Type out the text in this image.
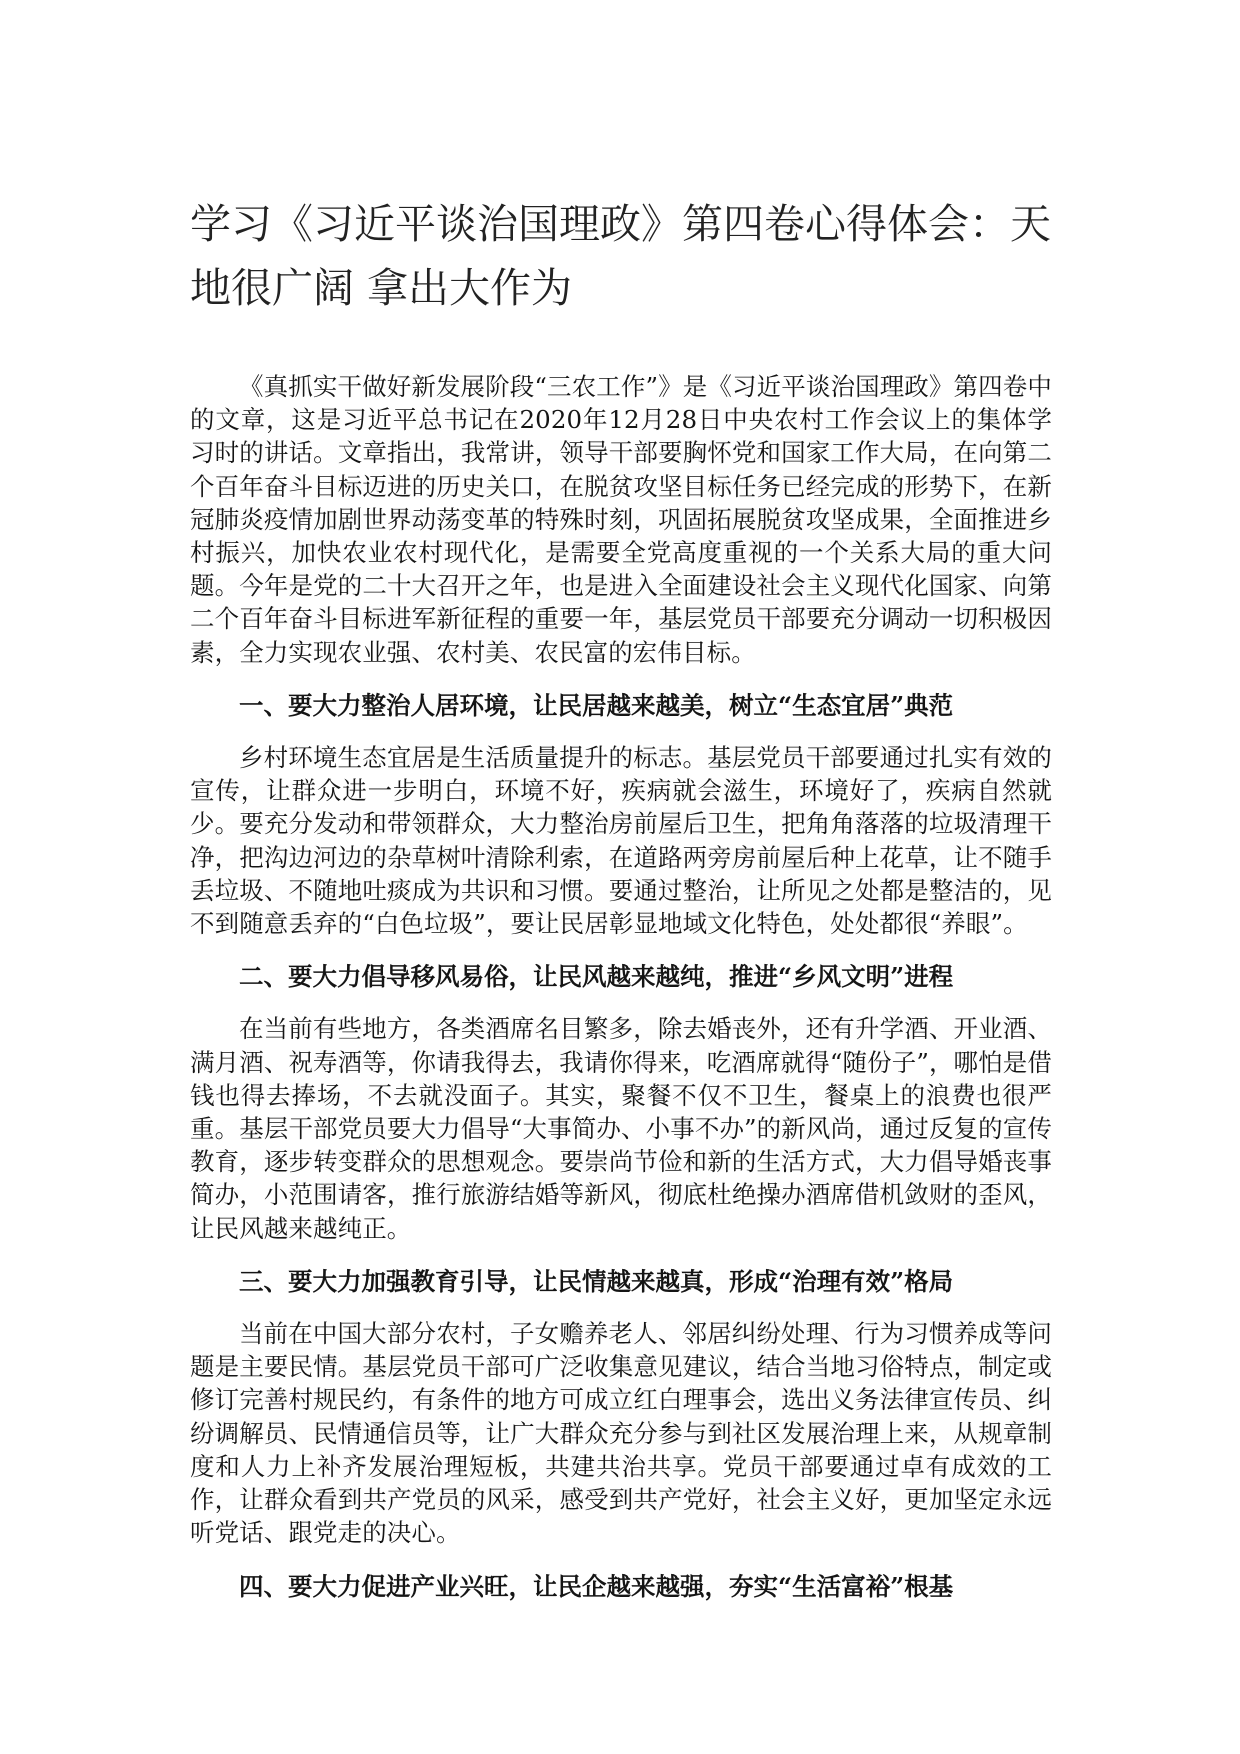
学习《习近平谈治国理政》第四卷心得体会：天地很广阔 拿出大作为

《真抓实干做好新发展阶段“三农工作”》是《习近平谈治国理政》第四卷中的文章，这是习近平总书记在2020年12月28日中央农村工作会议上的集体学习时的讲话。文章指出，我常讲，领导干部要胸怀党和国家工作大局，在向第二个百年奋斗目标迈进的历史关口，在脱贫攻坚目标任务已经完成的形势下，在新冠肺炎疫情加剧世界动荡变革的特殊时刻，巩固拓展脱贫攻坚成果，全面推进乡村振兴，加快农业农村现代化，是需要全党高度重视的一个关系大局的重大问题。今年是党的二十大召开之年，也是进入全面建设社会主义现代化国家、向第二个百年奋斗目标进军新征程的重要一年，基层党员干部要充分调动一切积极因素，全力实现农业强、农村美、农民富的宏伟目标。

一、要大力整治人居环境，让民居越来越美，树立“生态宜居”典范

乡村环境生态宜居是生活质量提升的标志。基层党员干部要通过扎实有效的宣传，让群众进一步明白，环境不好，疾病就会滋生，环境好了，疾病自然就少。要充分发动和带领群众，大力整治房前屋后卫生，把角角落落的垃圾清理干净，把沟边河边的杂草树叶清除利索，在道路两旁房前屋后种上花草，让不随手丢垃圾、不随地吐痰成为共识和习惯。要通过整治，让所见之处都是整洁的，见不到随意丢弃的“白色垃圾”，要让民居彰显地域文化特色，处处都很“养眼”。

二、要大力倡导移风易俗，让民风越来越纯，推进“乡风文明”进程

在当前有些地方，各类酒席名目繁多，除去婚丧外，还有升学酒、开业酒、满月酒、祝寿酒等，你请我得去，我请你得来，吃酒席就得“随份子”，哪怕是借钱也得去捧场，不去就没面子。其实，聚餐不仅不卫生，餐桌上的浪费也很严重。基层干部党员要大力倡导“大事简办、小事不办”的新风尚，通过反复的宣传教育，逐步转变群众的思想观念。要崇尚节俭和新的生活方式，大力倡导婚丧事简办，小范围请客，推行旅游结婚等新风，彻底杜绝操办酒席借机敛财的歪风，让民风越来越纯正。

三、要大力加强教育引导，让民情越来越真，形成“治理有效”格局

当前在中国大部分农村，子女赡养老人、邻居纠纷处理、行为习惯养成等问题是主要民情。基层党员干部可广泛收集意见建议，结合当地习俗特点，制定或修订完善村规民约，有条件的地方可成立红白理事会，选出义务法律宣传员、纠纷调解员、民情通信员等，让广大群众充分参与到社区发展治理上来，从规章制度和人力上补齐发展治理短板，共建共治共享。党员干部要通过卓有成效的工作，让群众看到共产党员的风采，感受到共产党好，社会主义好，更加坚定永远听党话、跟党走的决心。

四、要大力促进产业兴旺，让民企越来越强，夯实“生活富裕”根基
